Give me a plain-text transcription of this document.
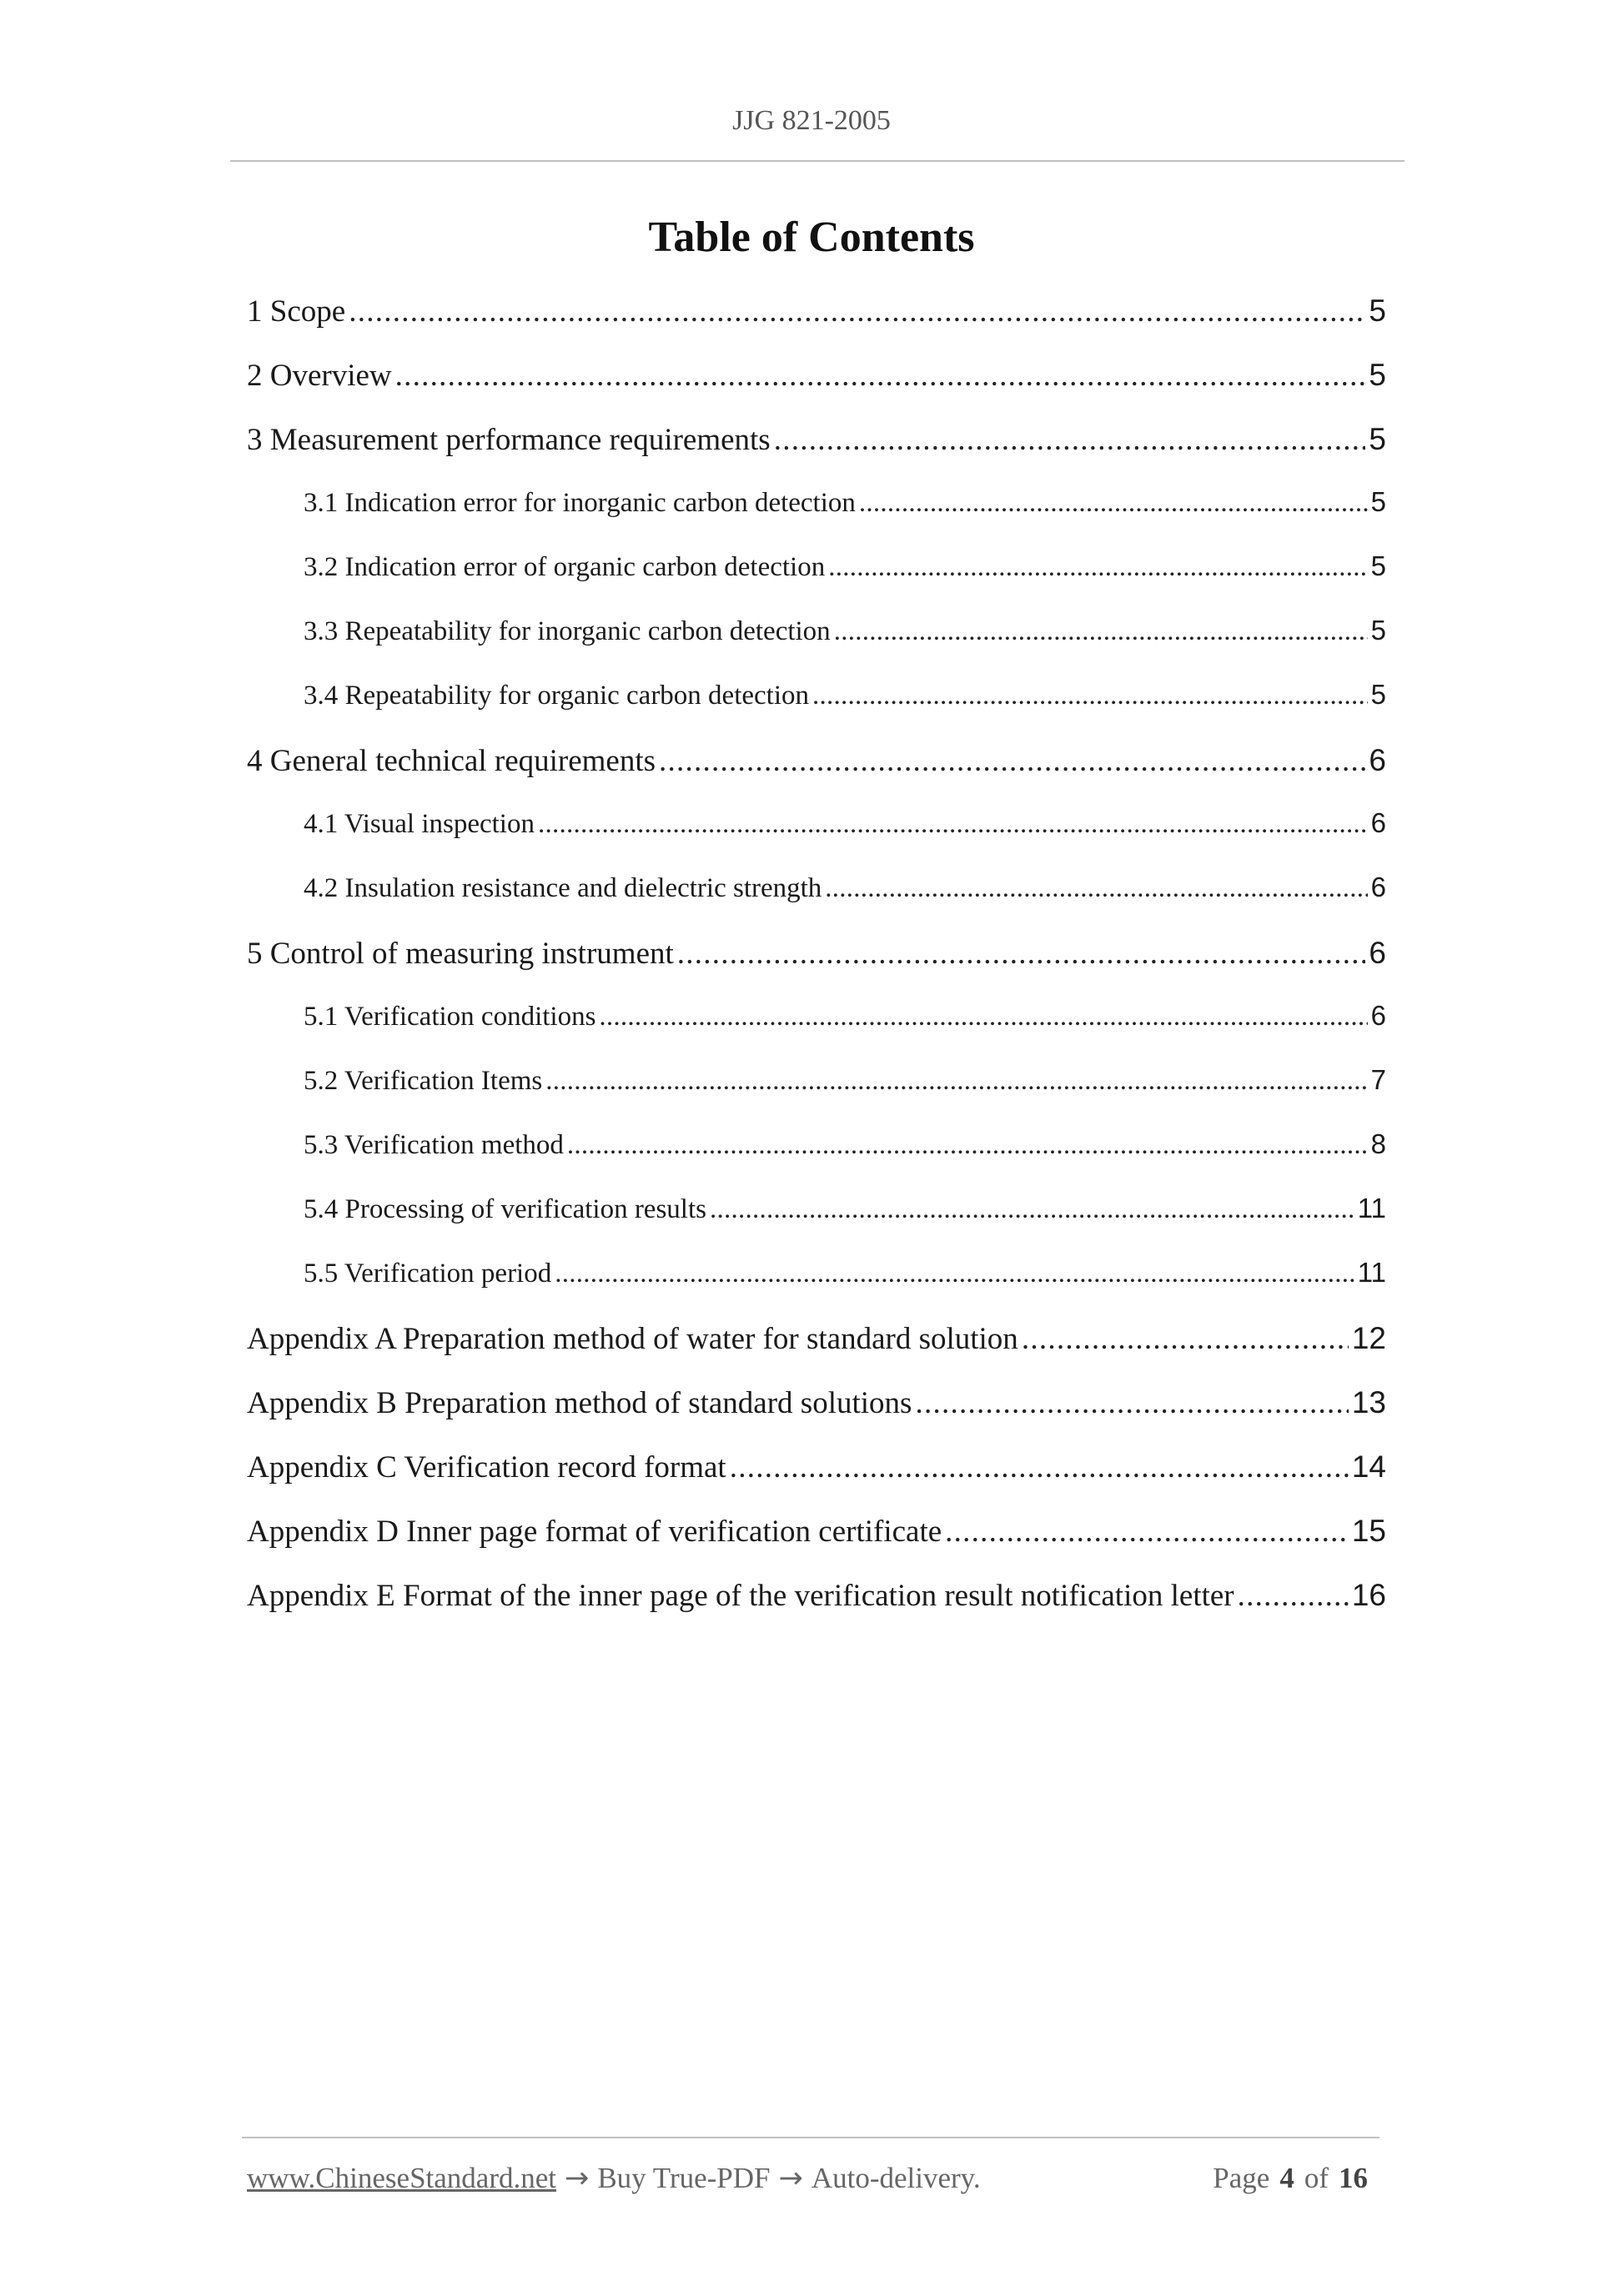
JJG 821-2005
Table of Contents
1 Scope . . .	5
2 Overview . . .	5
3 Measurement performance requirements . . .	5
3.1 Indication error for inorganic carbon detection . . .	5
3.2 Indication error of organic carbon detection . . .	5
3.3 Repeatability for inorganic carbon detection . . .	5
3.4 Repeatability for organic carbon detection . . .	5
4 General technical requirements . . .	6
4.1 Visual inspection . . .	6
4.2 Insulation resistance and dielectric strength . . .	6
5 Control of measuring instrument . . .	6
5.1 Verification conditions . . .	6
5.2 Verification Items . . .	7
5.3 Verification method . . .	8
5.4 Processing of verification results . . .	11
5.5 Verification period . . .	11
Appendix A Preparation method of water for standard solution . . .	12
Appendix B Preparation method of standard solutions . . .	13
Appendix C Verification record format . . .	14
Appendix D Inner page format of verification certificate . . .	15
Appendix E Format of the inner page of the verification result notification letter . . .	16
www.ChineseStandard.net → Buy True-PDF → Auto-delivery.	Page 4 of 16
